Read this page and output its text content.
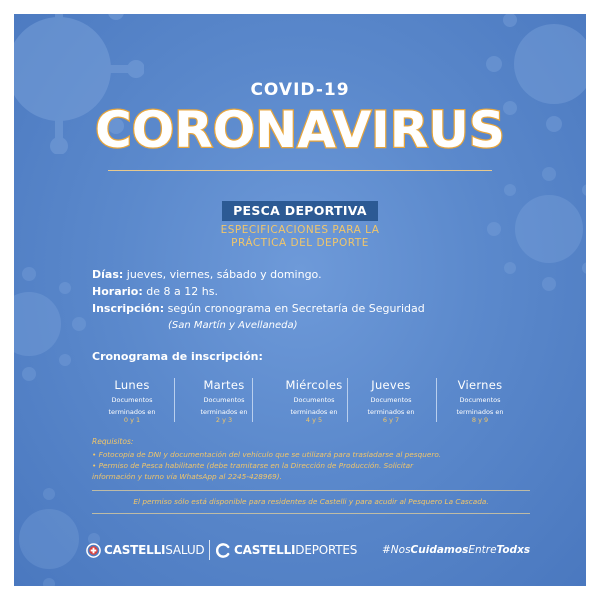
COVID-19
CORONAVIRUS
PESCA DEPORTIVA
ESPECIFICACIONES PARA LA
PRÁCTICA DEL DEPORTE
Días: jueves, viernes, sábado y domingo.
Horario: de 8 a 12 hs.
Inscripción: según cronograma en Secretaría de Seguridad
(San Martín y Avellaneda)
Cronograma de inscripción:
Lunes
Documentos
terminados en
0 y 1
Martes
Documentos
terminados en
2 y 3
Miércoles
Documentos
terminados en
4 y 5
Jueves
Documentos
terminados en
6 y 7
Viernes
Documentos
terminados en
8 y 9
Requisitos:
• Fotocopia de DNI y documentación del vehículo que se utilizará para trasladarse al pesquero.
• Permiso de Pesca habilitante (debe tramitarse en la Dirección de Producción. Solicitar
información y turno vía WhatsApp al 2245-428969).
El permiso sólo está disponible para residentes de Castelli y para acudir al Pesquero La Cascada.
CASTELLISALUD CASTELLIDEPORTES #NosCuidamosEntreTodxs
